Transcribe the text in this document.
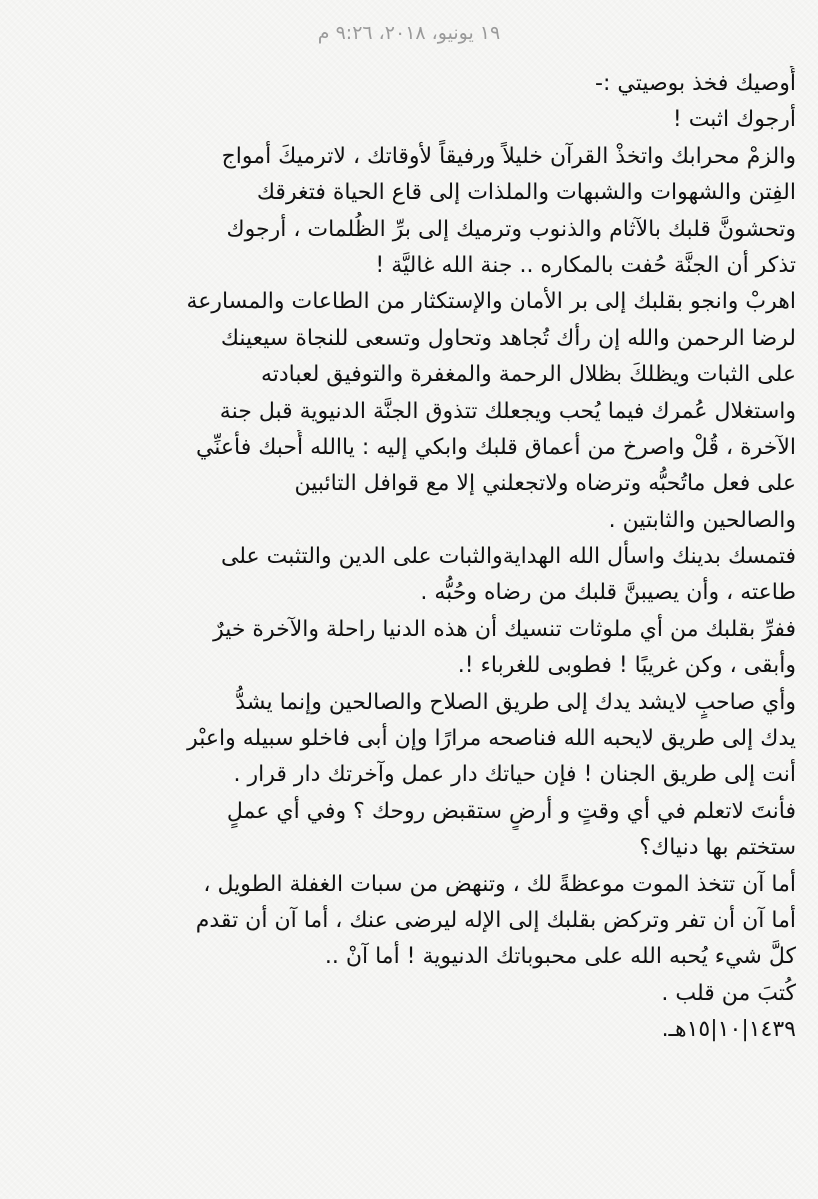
١٩ يونيو، ٢٠١٨، ٩:٢٦ م
أُوصيك فخذ بوصيتي :-
أرجوك اثبت !
والزمْ محرابك واتخذْ القرآن خليلاً ورفيقاً لأوقاتك ، لاترميكَ أمواج
الفِتن والشهوات والشبهات والملذات إلى قاع الحياة فتغرقك
وتحشونَّ قلبك بالآثام والذنوب وترميك إلى برِّ الظُلمات ، أرجوك
تذكر أن الجنَّة حُفت بالمكاره .. جنة الله غاليَّة !
اهربْ وانجو بقلبك إلى بر الأمان والإستكثار من الطاعات والمسارعة
لرضا الرحمن والله إن رأك تُجاهد وتحاول وتسعى للنجاة سيعينك
على الثبات ويظلكَ بظلال الرحمة والمغفرة والتوفيق لعبادته
واستغلال عُمرك فيما يُحب ويجعلك تتذوق الجنَّة الدنيوية قبل جنة
الآخرة ، قُلْ واصرخ من أعماق قلبك وابكي إليه : ياالله أُحبك فأعنِّي
على فعل ماتُحبُّه وترضاه ولاتجعلني إلا مع قوافل التائبين
والصالحين والثابتين .
فتمسك بدينك واسأل الله الهدايةوالثبات على الدين والتثبت على
طاعته ، وأن يصيبنَّ قلبك من رضاه وحُبُّه .
ففرِّ بقلبك من أي ملوثات تنسيك أن هذه الدنيا راحلة والآخرة خيرٌ
وأبقى ، وكن غريبًا ! فطوبى للغرباء !.
وأي صاحبٍ لايشد يدك إلى طريق الصلاح والصالحين وإنما يشدُّ
يدك إلى طريق لايحبه الله فناصحه مرارًا وإن أبى فاخلو سبيله واعبْر
أنت إلى طريق الجنان ! فإن حياتك دار عمل وآخرتك دار قرار .
فأنتَ لاتعلم في أي وقتٍ و أرضٍ ستقبض روحك ؟ وفي أي عملٍ
ستختم بها دنياك؟
أما آن تتخذ الموت موعظةً لك ، وتنهض من سبات الغفلة الطويل ،
أما آن أن تفر وتركض بقلبك إلى الإله ليرضى عنك ، أما آن أن تقدم
كلَّ شيء يُحبه الله على محبوباتك الدنيوية ! أما آنْ ..
كُتبَ من قلب .
١٤٣٩|١٠|١٥هـ.
